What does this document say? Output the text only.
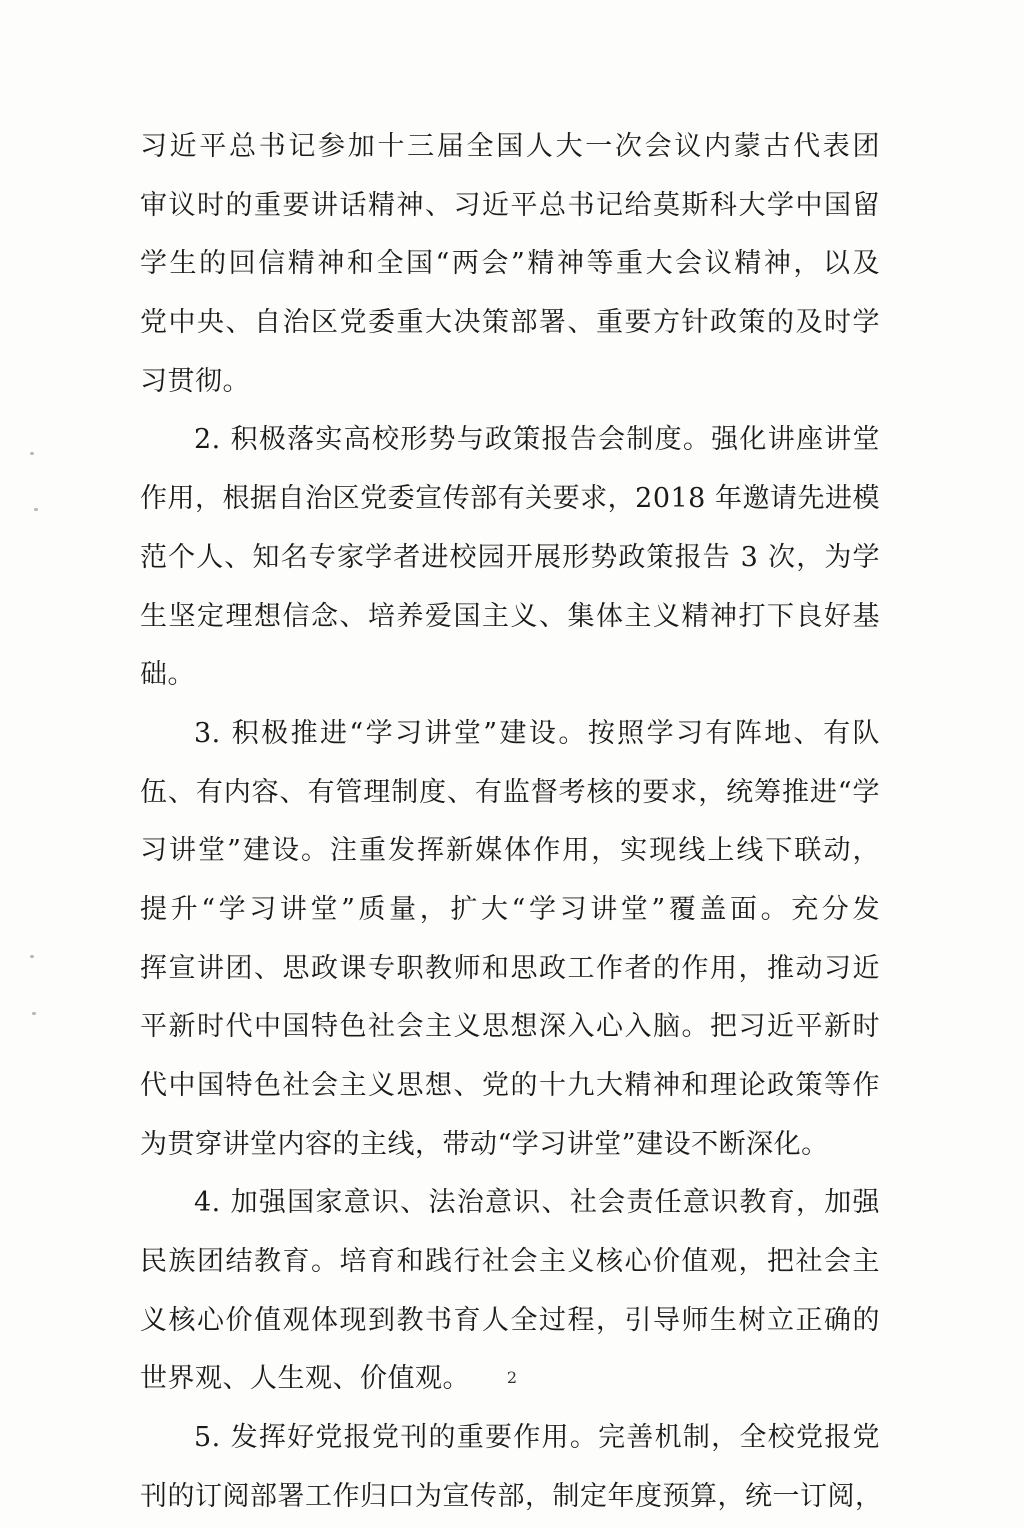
习近平总书记参加十三届全国人大一次会议内蒙古代表团
审议时的重要讲话精神、习近平总书记给莫斯科大学中国留
学生的回信精神和全国“两会”精神等重大会议精神，以及
党中央、自治区党委重大决策部署、重要方针政策的及时学
习贯彻。
2. 积极落实高校形势与政策报告会制度。强化讲座讲堂
作用，根据自治区党委宣传部有关要求，2018 年邀请先进模
范个人、知名专家学者进校园开展形势政策报告 3 次，为学
生坚定理想信念、培养爱国主义、集体主义精神打下良好基
础。
3. 积极推进“学习讲堂”建设。按照学习有阵地、有队
伍、有内容、有管理制度、有监督考核的要求，统筹推进“学
习讲堂”建设。注重发挥新媒体作用，实现线上线下联动，
提升“学习讲堂”质量，扩大“学习讲堂”覆盖面。充分发
挥宣讲团、思政课专职教师和思政工作者的作用，推动习近
平新时代中国特色社会主义思想深入心入脑。把习近平新时
代中国特色社会主义思想、党的十九大精神和理论政策等作
为贯穿讲堂内容的主线，带动“学习讲堂”建设不断深化。
4. 加强国家意识、法治意识、社会责任意识教育，加强
民族团结教育。培育和践行社会主义核心价值观，把社会主
义核心价值观体现到教书育人全过程，引导师生树立正确的
世界观、人生观、价值观。
5. 发挥好党报党刊的重要作用。完善机制，全校党报党
刊的订阅部署工作归口为宣传部，制定年度预算，统一订阅，
2
